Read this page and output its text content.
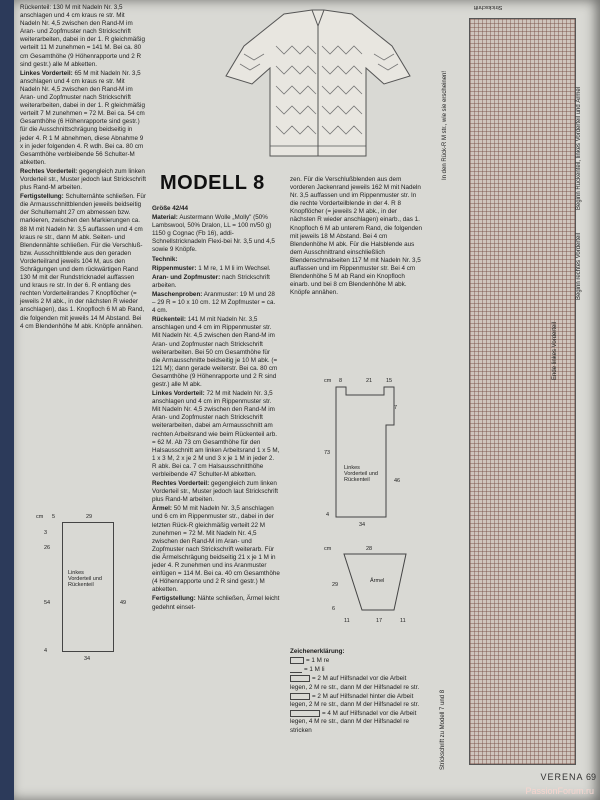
Rückenteil: 130 M mit Nadeln Nr. 3,5 anschlagen und 4 cm kraus re str. Mit Nadeln Nr. 4,5 zwischen den Rand-M im Aran- und Zopfmuster nach Strickschrift weiterarbeiten, dabei in der 1. R gleichmäßig verteilt 11 M zunehmen = 141 M. Bei ca. 80 cm Gesamthöhe (9 Höhenrapporte und 2 R sind gestr.) alle M abketten.

Linkes Vorderteil: 65 M mit Nadeln Nr. 3,5 anschlagen und 4 cm kraus re str. Mit Nadeln Nr. 4,5 zwischen den Rand-M im Aran- und Zopfmuster nach Strickschrift weiterarbeiten, dabei in der 1. R gleichmäßig verteilt 7 M zunehmen = 72 M. Bei ca. 54 cm Gesamthöhe (6 Höhenrapporte sind gestr.) für die Ausschnittschrägung beidseitig in jeder 4. R 1 M abnehmen, diese Abnahme 9 x in jeder folgenden 4. R wdh. Bei ca. 80 cm Gesamthöhe verbleibende 56 Schulter-M abketten.

Rechtes Vorderteil: gegengleich zum linken Vorderteil str., Muster jedoch laut Strickschrift plus Rand-M arbeiten.

Fertigstellung: Schulternähte schließen. Für die Armausschnittblenden jeweils beidseitig der Schulternaht 27 cm abmessen bzw. markieren, zwischen den Markierungen ca. 88 M mit Nadeln Nr. 3,5 auffassen und 4 cm kraus re str., dann M abk. Seiten- und Blendennähte schließen. Für die Verschluß- bzw. Ausschnittblende aus den geraden Vorderteilrand jeweils 104 M, aus den Schrägungen und dem rückwärtigen Rand 130 M mit der Rundstricknadel auffassen und kraus re str. In der 6. R entlang des rechten Vorderteilrandes 7 Knopflöcher (= jeweils 2 M abk., in der nächsten R wieder anschlagen), das 1. Knopfloch 6 M ab Rand, die folgenden mit jeweils 14 M Abstand. Bei 4 cm Blendenhöhe M abk. Knöpfe annähen.

MODELL 8

Größe 42/44

Material: Austermann Wolle „Molly" (50% Lambswool, 50% Dralon, LL = 100 m/50 g) 1150 g Cognac (Fb 16), addi-Schnellstricknadeln Flexi-bei Nr. 3,5 und 4,5 sowie 9 Knöpfe.

Technik:

Rippenmuster: 1 M re, 1 M li im Wechsel.

Aran- und Zopfmuster: nach Strickschrift arbeiten.

Maschenproben: Aranmuster: 19 M und 28 – 29 R = 10 x 10 cm. 12 M Zopfmuster = ca. 4 cm.

Rückenteil: 141 M mit Nadeln Nr. 3,5 anschlagen und 4 cm im Rippenmuster str. Mit Nadeln Nr. 4,5 zwischen den Rand-M im Aran- und Zopfmuster nach Strickschrift weiterarbeiten. Bei 50 cm Gesamthöhe für die Armausschnitte beidseitig je 10 M abk. (= 121 M); dann gerade weiterstr. Bei ca. 80 cm Gesamthöhe (9 Höhenrapporte und 2 R sind gestr.) alle M abk.

Linkes Vorderteil: 72 M mit Nadeln Nr. 3,5 anschlagen und 4 cm im Rippenmuster str. Mit Nadeln Nr. 4,5 zwischen den Rand-M im Aran- und Zopfmuster nach Strickschrift weiterarbeiten, dabei am Armausschnitt am rechten Arbeitsrand wie beim Rückenteil arb. = 62 M. Ab 73 cm Gesamthöhe für den Halsausschnitt am linken Arbeitsrand 1 x 5 M, 1 x 3 M, 2 x je 2 M und 3 x je 1 M in jeder 2. R abk. Bei ca. 7 cm Halsausschnitthöhe verbleibende 47 Schulter-M abketten.

Rechtes Vorderteil: gegengleich zum linken Vorderteil str., Muster jedoch laut Strickschrift plus Rand-M arbeiten.

Ärmel: 50 M mit Nadeln Nr. 3,5 anschlagen und 6 cm im Rippenmuster str., dabei in der letzten Rück-R gleichmäßig verteilt 22 M zunehmen = 72 M. Mit Nadeln Nr. 4,5 zwischen den Rand-M im Aran- und Zopfmuster nach Strickschrift weiterarb. Für die Ärmelschrägung beidseitig 21 x je 1 M in jeder 4. R zunehmen und ins Aranmuster einfügen = 114 M. Bei ca. 40 cm Gesamthöhe (4 Höhenrapporte und 2 R sind gestr.) M abketten.

Fertigstellung: Nähte schließen, Ärmel leicht gedehnt einset-

zen. Für die Verschlußblenden aus dem vorderen Jackenrand jeweils 162 M mit Nadeln Nr. 3,5 auffassen und im Rippenmuster str. In die rechte Vorderteilblende in der 4. R 8 Knopflöcher (= jeweils 2 M abk., in der nächsten R wieder anschlagen) einarb., das 1. Knopfloch 6 M ab unterem Rand, die folgenden mit jeweils 18 M Abstand. Bei 4 cm Blendenhöhe M abk. Für die Halsblende aus dem Ausschnittrand einschließlich Blendenschmalseiten 117 M mit Nadeln Nr. 3,5 auffassen und im Rippenmuster str. Bei 4 cm Blendenhöhe 5 M ab Rand ein Knopfloch einarb. und bei 8 cm Blendenhöhe M abk. Knöpfe annähen.

Linkes Vorderteil und Rückenteil
cm 5	29
3
26
54	49
4
34
Linkes Vorderteil und Rückenteil
cm 8	21	15
73
46
34
7
4
Ärmel
cm	28
29
6
11	17	11

Zeichenerklärung:

= 1 M re

= 1 M li

= 2 M auf Hilfsnadel vor die Arbeit legen, 2 M re str., dann M der Hilfsnadel re str.

= 2 M auf Hilfsnadel hinter die Arbeit legen, 2 M re str., dann M der Hilfsnadel re str.

= 4 M auf Hilfsnadel vor die Arbeit legen, 4 M re str., dann M der Hilfsnadel re stricken

Strickschrift
In den Rück-R M str., wie sie erscheinen!	Beginn Rückenteil, linkes Vorderteil und Ärmel
Beginn rechtes Vorderteil
Ende linkes Vorderteil
Strickschrift zu Modell 7 und 8
VERENA 69
PassionForum.ru
